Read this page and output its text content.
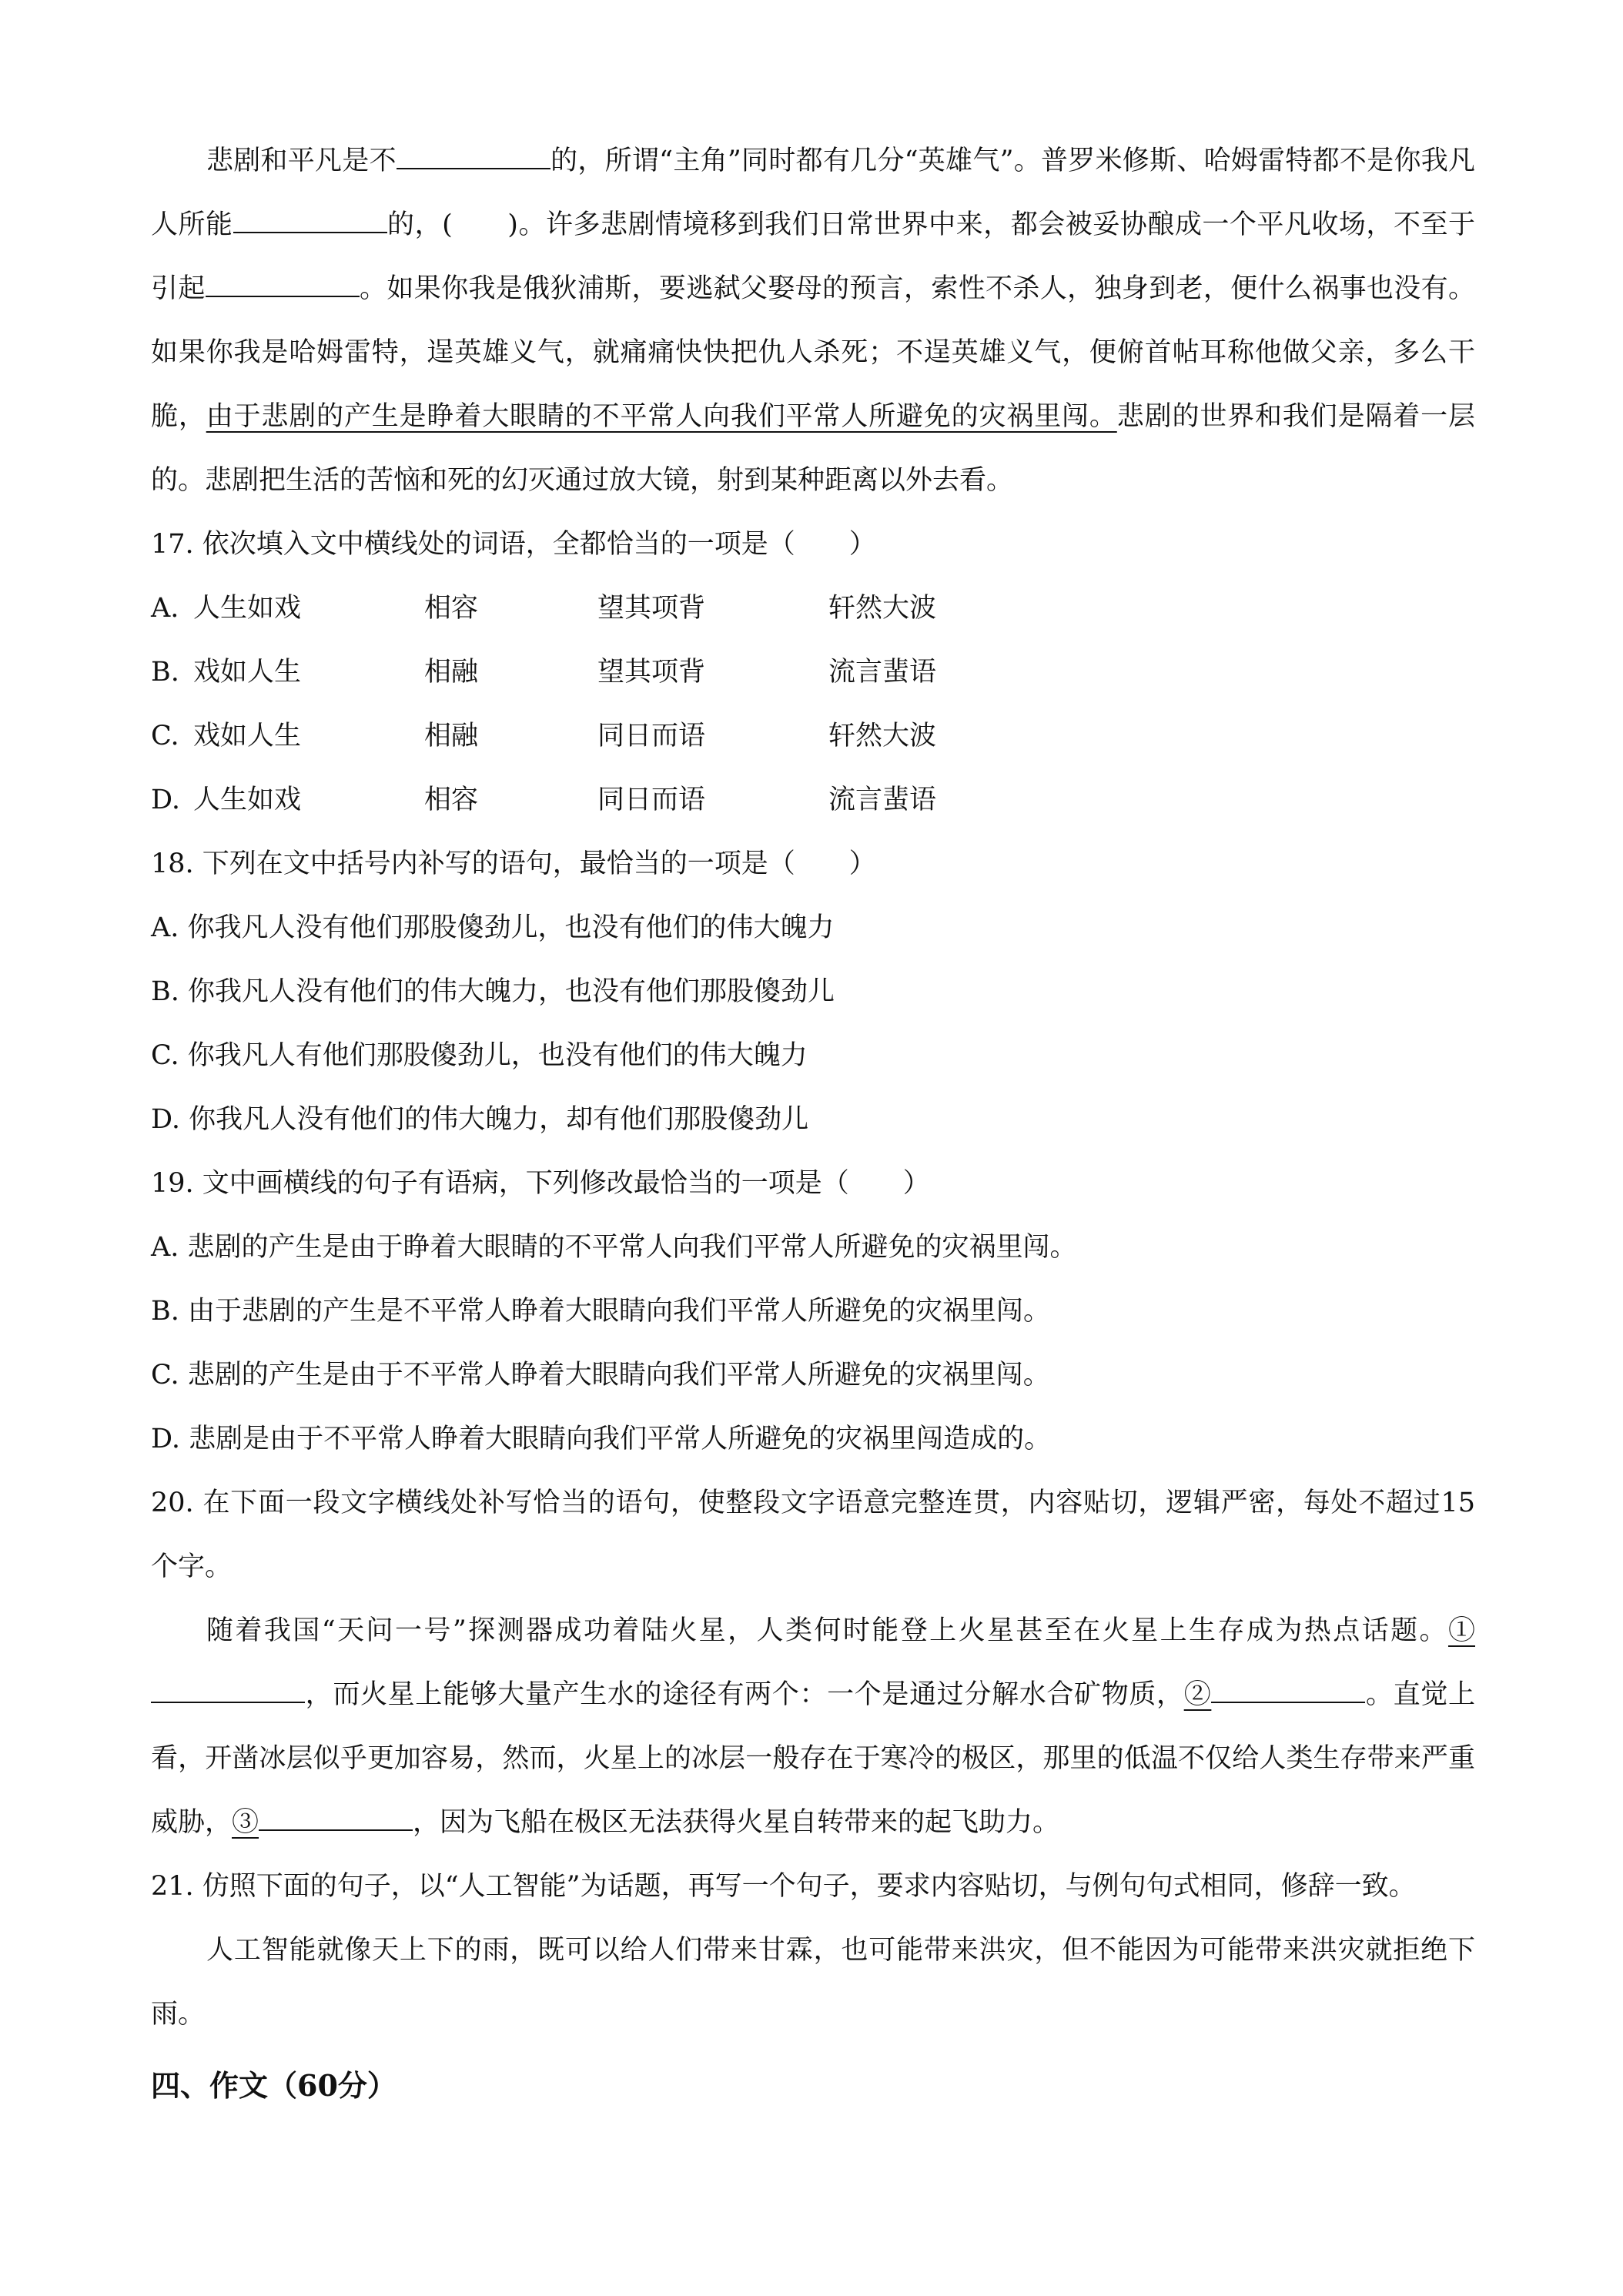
悲剧和平凡是不	的，所谓“主角”同时都有几分“英雄气”。普罗米修斯、哈姆雷特都不是你我凡人所能	的，(　　)。许多悲剧情境移到我们日常世界中来，都会被妥协酿成一个平凡收场，不至于引起	。如果你我是俄狄浦斯，要逃弑父娶母的预言，索性不杀人，独身到老，便什么祸事也没有。如果你我是哈姆雷特，逞英雄义气，就痛痛快快把仇人杀死；不逞英雄义气，便俯首帖耳称他做父亲，多么干脆，由于悲剧的产生是睁着大眼睛的不平常人向我们平常人所避免的灾祸里闯。悲剧的世界和我们是隔着一层的。悲剧把生活的苦恼和死的幻灭通过放大镜，射到某种距离以外去看。

17. 依次填入文中横线处的词语，全都恰当的一项是（　　）

A. 人生如戏	相容	望其项背	轩然大波
B. 戏如人生	相融	望其项背	流言蜚语
C. 戏如人生	相融	同日而语	轩然大波
D. 人生如戏	相容	同日而语	流言蜚语

18. 下列在文中括号内补写的语句，最恰当的一项是（　　）

A. 你我凡人没有他们那股傻劲儿，也没有他们的伟大魄力

B. 你我凡人没有他们的伟大魄力，也没有他们那股傻劲儿

C. 你我凡人有他们那股傻劲儿，也没有他们的伟大魄力

D. 你我凡人没有他们的伟大魄力，却有他们那股傻劲儿

19. 文中画横线的句子有语病，下列修改最恰当的一项是（　　）

A. 悲剧的产生是由于睁着大眼睛的不平常人向我们平常人所避免的灾祸里闯。

B. 由于悲剧的产生是不平常人睁着大眼睛向我们平常人所避免的灾祸里闯。

C. 悲剧的产生是由于不平常人睁着大眼睛向我们平常人所避免的灾祸里闯。

D. 悲剧是由于不平常人睁着大眼睛向我们平常人所避免的灾祸里闯造成的。

20. 在下面一段文字横线处补写恰当的语句，使整段文字语意完整连贯，内容贴切，逻辑严密，每处不超过15个字。

随着我国“天问一号”探测器成功着陆火星，人类何时能登上火星甚至在火星上生存成为热点话题。①，而火星上能够大量产生水的途径有两个：一个是通过分解水合矿物质，②	。直觉上看，开凿冰层似乎更加容易，然而，火星上的冰层一般存在于寒冷的极区，那里的低温不仅给人类生存带来严重威胁，③	，因为飞船在极区无法获得火星自转带来的起飞助力。

21. 仿照下面的句子，以“人工智能”为话题，再写一个句子，要求内容贴切，与例句句式相同，修辞一致。

人工智能就像天上下的雨，既可以给人们带来甘霖，也可能带来洪灾，但不能因为可能带来洪灾就拒绝下雨。

四、作文（60分）
